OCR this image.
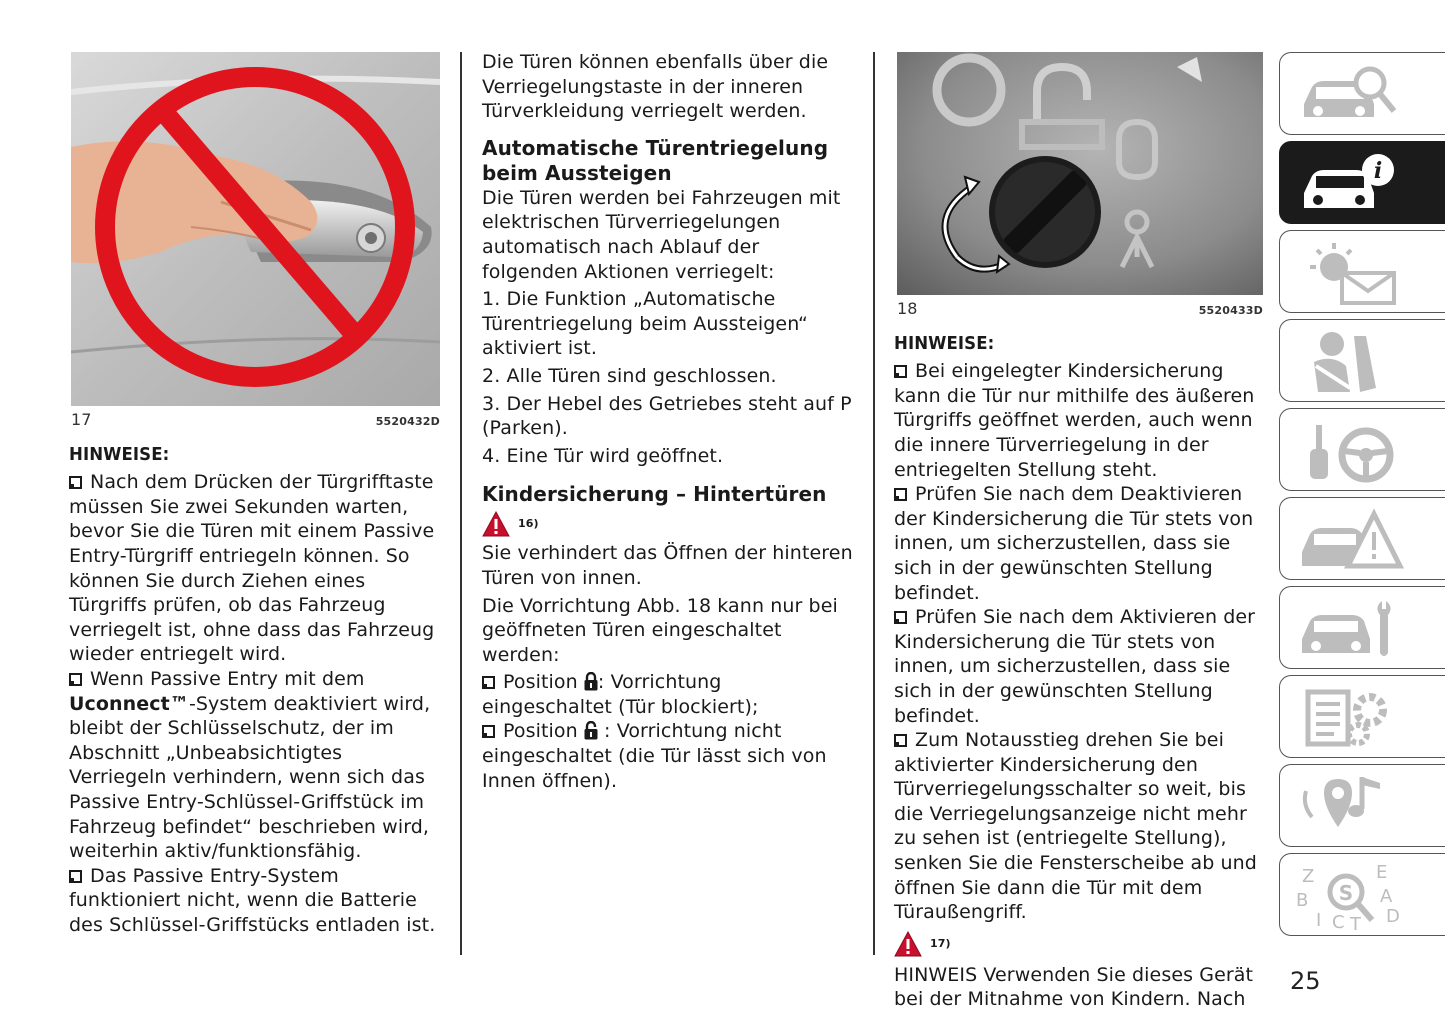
17	5520432D
HINWEISE:

Nach dem Drücken der Türgrifftaste müssen Sie zwei Sekunden warten, bevor Sie die Türen mit einem Passive Entry-Türgriff entriegeln können. So können Sie durch Ziehen eines Türgriffs prüfen, ob das Fahrzeug verriegelt ist, ohne dass das Fahrzeug wieder entriegelt wird.

Wenn Passive Entry mit dem Uconnect™-System deaktiviert wird, bleibt der Schlüsselschutz, der im Abschnitt „Unbeabsichtigtes Verriegeln verhindern, wenn sich das Passive Entry-Schlüssel-Griffstück im Fahrzeug befindet“ beschrieben wird, weiterhin aktiv/funktionsfähig.

Das Passive Entry-System funktioniert nicht, wenn die Batterie des Schlüssel-Griffstücks entladen ist.

Die Türen können ebenfalls über die Verriegelungstaste in der inneren Türverkleidung verriegelt werden.

Automatische Türentriegelung beim Aussteigen

Die Türen werden bei Fahrzeugen mit elektrischen Türverriegelungen automatisch nach Ablauf der folgenden Aktionen verriegelt:

1. Die Funktion „Automatische Türentriegelung beim Aussteigen“ aktiviert ist.

2. Alle Türen sind geschlossen.

3. Der Hebel des Getriebes steht auf P (Parken).

4. Eine Tür wird geöffnet.

Kindersicherung – Hintertüren
16)

Sie verhindert das Öffnen der hinteren Türen von innen.

Die Vorrichtung Abb. 18 kann nur bei geöffneten Türen eingeschaltet werden:

Position : Vorrichtung eingeschaltet (Tür blockiert);

Position  : Vorrichtung nicht eingeschaltet (die Tür lässt sich von Innen öffnen).

18	5520433D
HINWEISE:

Bei eingelegter Kindersicherung kann die Tür nur mithilfe des äußeren Türgriffs geöffnet werden, auch wenn die innere Türverriegelung in der entriegelten Stellung steht.

Prüfen Sie nach dem Deaktivieren der Kindersicherung die Tür stets von innen, um sicherzustellen, dass sie sich in der gewünschten Stellung befindet.

Prüfen Sie nach dem Aktivieren der Kindersicherung die Tür stets von innen, um sicherzustellen, dass sie sich in der gewünschten Stellung befindet.

Zum Notausstieg drehen Sie bei aktivierter Kindersicherung den Türverriegelungsschalter so weit, bis die Verriegelungsanzeige nicht mehr zu sehen ist (entriegelte Stellung), senken Sie die Fensterscheibe ab und öffnen Sie dann die Tür mit dem Türaußengriff.

17)

HINWEIS Verwenden Sie dieses Gerät bei der Mitnahme von Kindern. Nach

i
Z	E
B	A
D
I C T
S
25
